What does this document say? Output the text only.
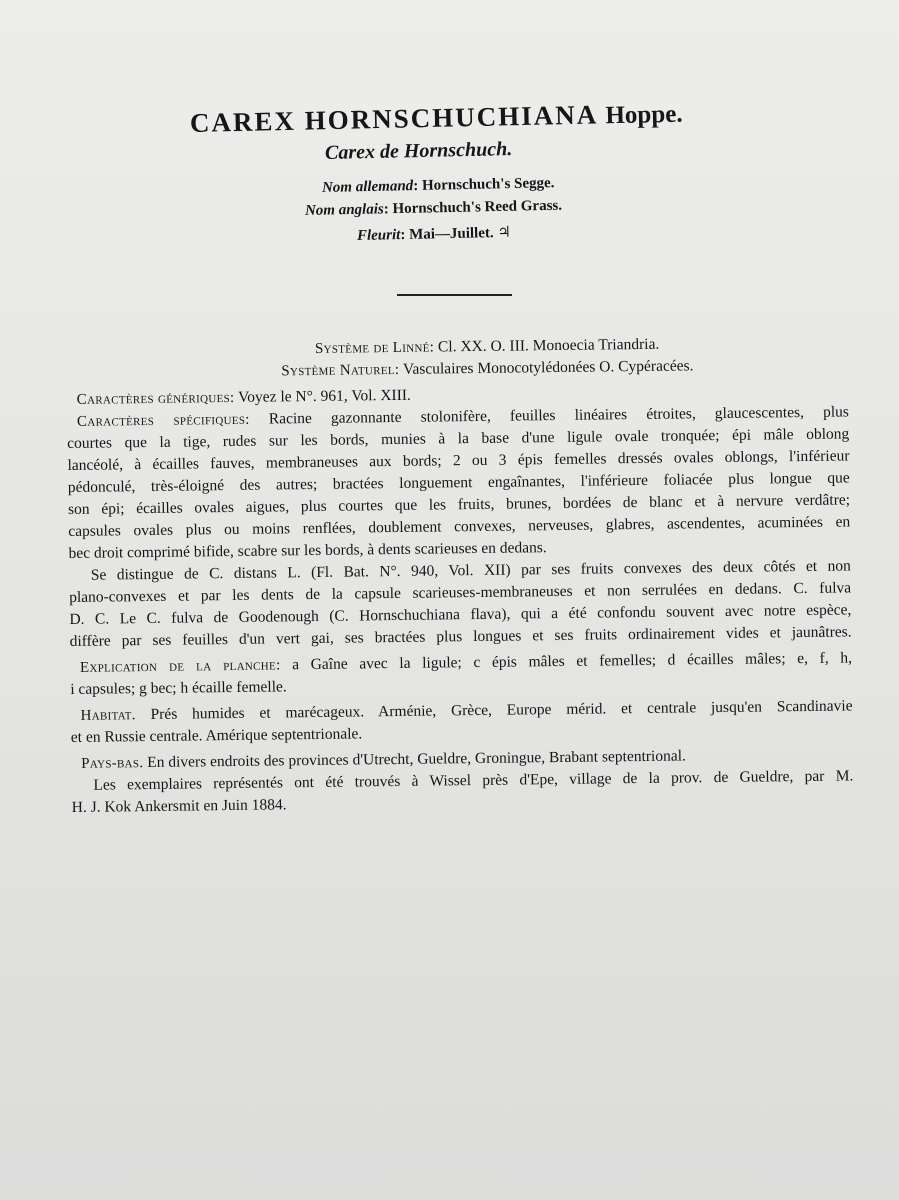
CAREX HORNSCHUCHIANA Hoppe.
Carex de Hornschuch.
Nom allemand: Hornschuch's Segge.
Nom anglais: Hornschuch's Reed Grass.
Fleurit: Mai—Juillet. ♃
Système de Linné: Cl. XX. O. III. Monoecia Triandria.
Système Naturel: Vasculaires Monocotylédonées O. Cypéracées.
Caractères génériques: Voyez le N°. 961, Vol. XIII.
Caractères spécifiques: Racine gazonnante stolonifère, feuilles linéaires étroites, glaucescentes, plus
courtes que la tige, rudes sur les bords, munies à la base d'une ligule ovale tronquée; épi mâle oblong
lancéolé, à écailles fauves, membraneuses aux bords; 2 ou 3 épis femelles dressés ovales oblongs, l'inférieur
pédonculé, très-éloigné des autres; bractées longuement engaînantes, l'inférieure foliacée plus longue que
son épi; écailles ovales aigues, plus courtes que les fruits, brunes, bordées de blanc et à nervure verdâtre;
capsules ovales plus ou moins renflées, doublement convexes, nerveuses, glabres, ascendentes, acuminées en
bec droit comprimé bifide, scabre sur les bords, à dents scarieuses en dedans.
Se distingue de C. distans L. (Fl. Bat. N°. 940, Vol. XII) par ses fruits convexes des deux côtés et non
plano-convexes et par les dents de la capsule scarieuses-membraneuses et non serrulées en dedans. C. fulva
D. C. Le C. fulva de Goodenough (C. Hornschuchiana flava), qui a été confondu souvent avec notre espèce,
diffère par ses feuilles d'un vert gai, ses bractées plus longues et ses fruits ordinairement vides et jaunâtres.
Explication de la planche: a Gaîne avec la ligule; c épis mâles et femelles; d écailles mâles; e, f, h,
i capsules; g bec; h écaille femelle.
Habitat. Prés humides et marécageux. Arménie, Grèce, Europe mérid. et centrale jusqu'en Scandinavie
et en Russie centrale. Amérique septentrionale.
Pays-bas. En divers endroits des provinces d'Utrecht, Gueldre, Groningue, Brabant septentrional.
Les exemplaires représentés ont été trouvés à Wissel près d'Epe, village de la prov. de Gueldre, par M.
H. J. Kok Ankersmit en Juin 1884.
